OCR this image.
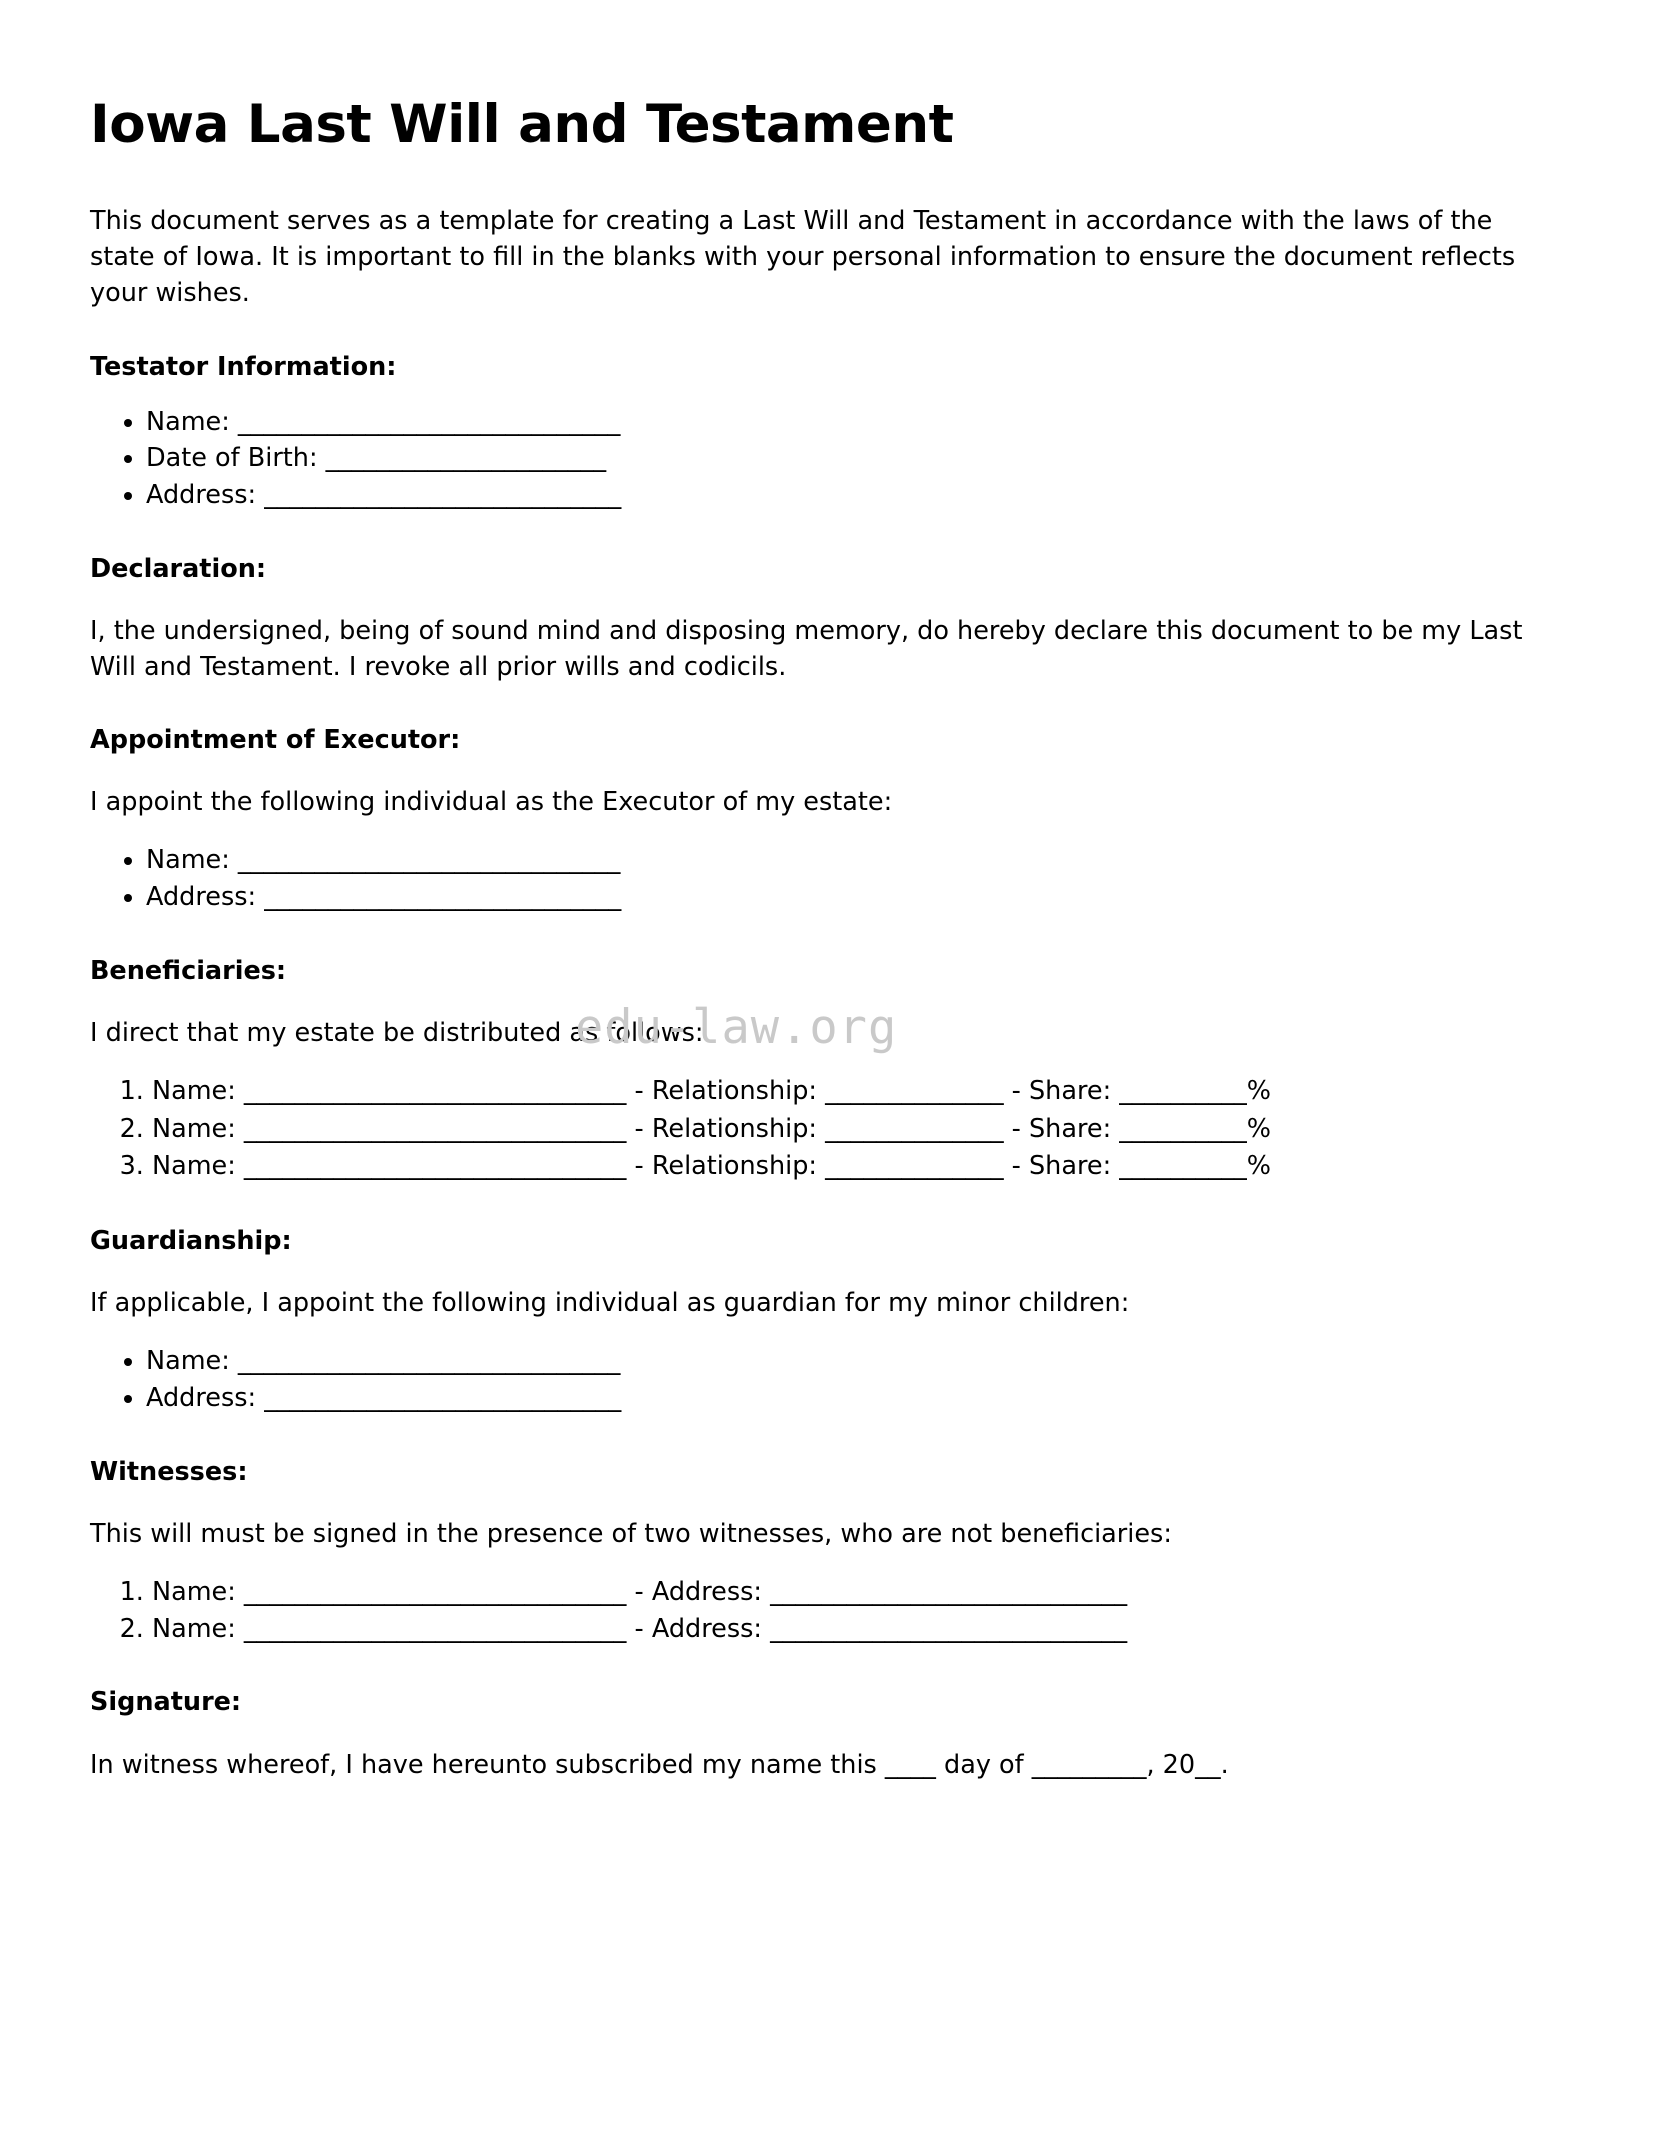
Iowa Last Will and Testament

This document serves as a template for creating a Last Will and Testament in accordance with the laws of the state of Iowa. It is important to fill in the blanks with your personal information to ensure the document reflects your wishes.

Testator Information:
• Name: ______________________________
• Date of Birth: ______________________
• Address: ____________________________
Declaration:

I, the undersigned, being of sound mind and disposing memory, do hereby declare this document to be my Last Will and Testament. I revoke all prior wills and codicils.

Appointment of Executor:

I appoint the following individual as the Executor of my estate:

• Name: ______________________________
• Address: ____________________________
Beneficiaries:

I direct that my estate be distributed as follows:

1. Name: ______________________________ - Relationship: ______________ - Share: __________%
2. Name: ______________________________ - Relationship: ______________ - Share: __________%
3. Name: ______________________________ - Relationship: ______________ - Share: __________%
Guardianship:

If applicable, I appoint the following individual as guardian for my minor children:

• Name: ______________________________
• Address: ____________________________
Witnesses:

This will must be signed in the presence of two witnesses, who are not beneficiaries:

1. Name: ______________________________ - Address: ____________________________
2. Name: ______________________________ - Address: ____________________________
Signature:

In witness whereof, I have hereunto subscribed my name this ____ day of _________, 20__.

edu-law.org
